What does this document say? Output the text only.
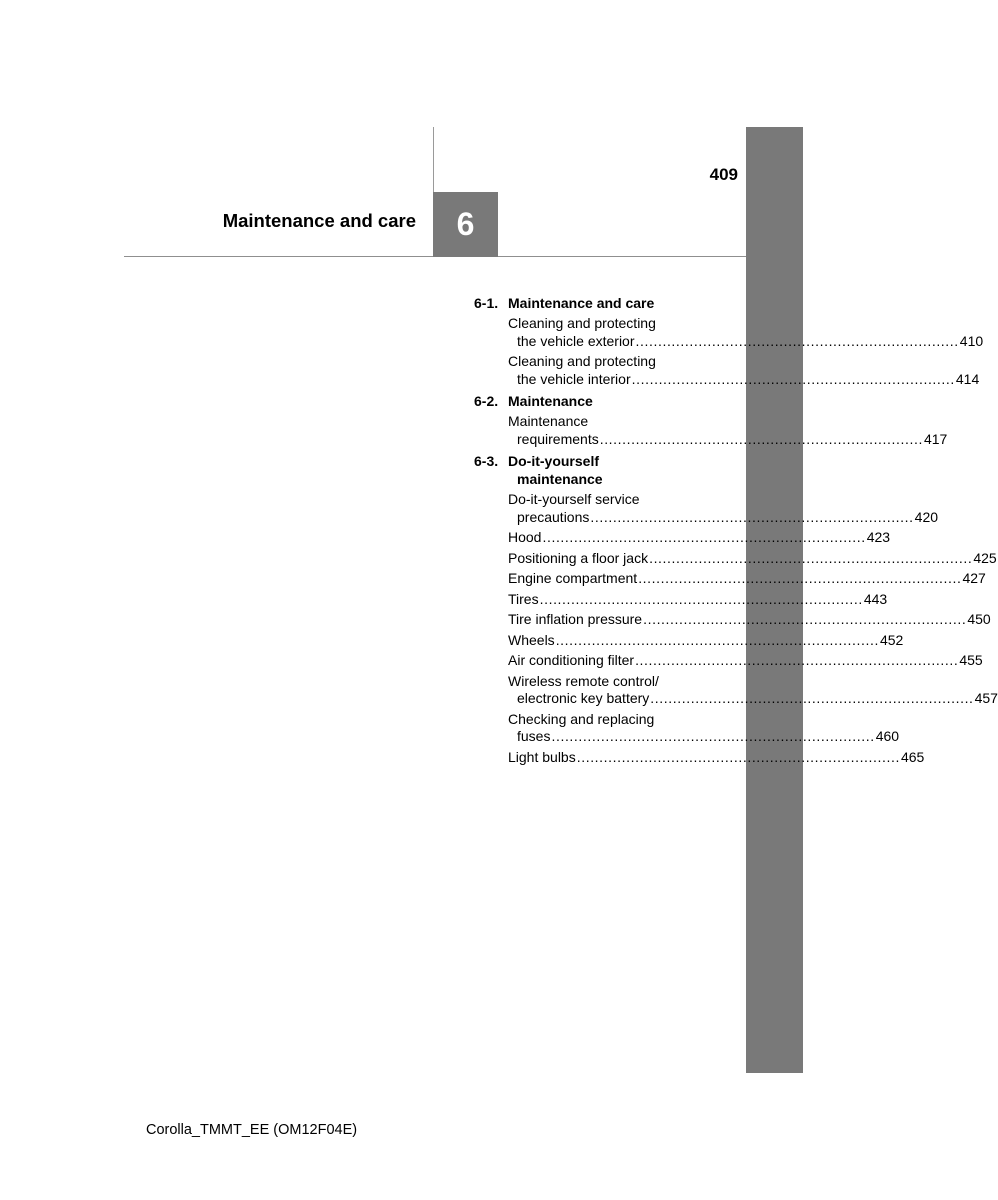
6
Maintenance and care
409
6-1. Maintenance and care
Cleaning and protecting
the vehicle exterior ........................................................................ 410
Cleaning and protecting
the vehicle interior ........................................................................ 414
6-2. Maintenance
Maintenance
requirements ........................................................................ 417
6-3. Do-it-yourself
maintenance
Do-it-yourself service
precautions ........................................................................ 420
Hood ........................................................................ 423
Positioning a floor jack ........................................................................ 425
Engine compartment ........................................................................ 427
Tires ........................................................................ 443
Tire inflation pressure ........................................................................ 450
Wheels ........................................................................ 452
Air conditioning filter ........................................................................ 455
Wireless remote control/
electronic key battery ........................................................................ 457
Checking and replacing
fuses ........................................................................ 460
Light bulbs ........................................................................ 465
Corolla_TMMT_EE (OM12F04E)
